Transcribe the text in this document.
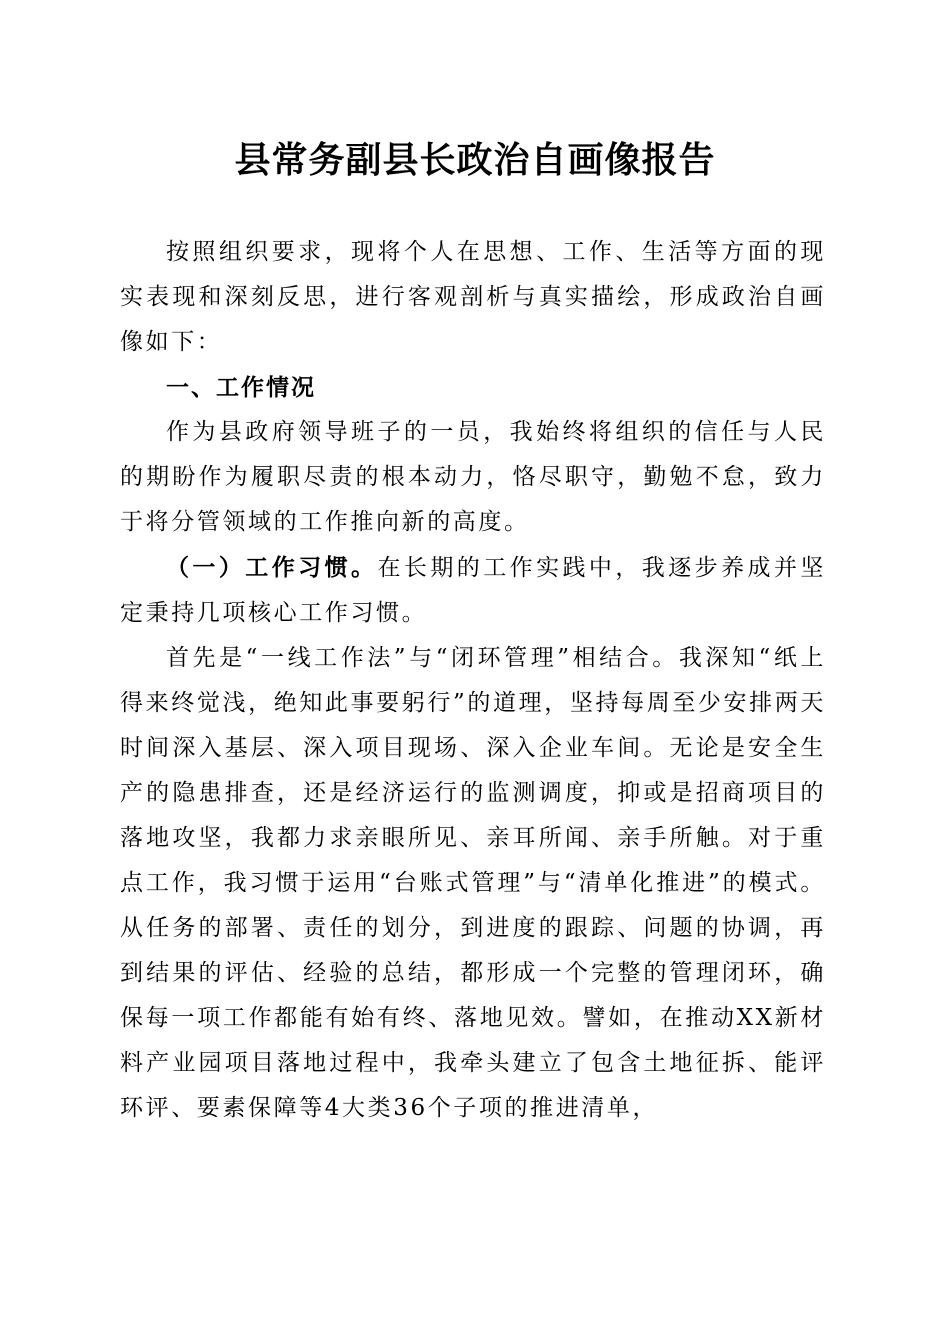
县常务副县长政治自画像报告

按照组织要求，现将个人在思想、工作、生活等方面的现实表现和深刻反思，进行客观剖析与真实描绘，形成政治自画像如下：

一、工作情况

作为县政府领导班子的一员，我始终将组织的信任与人民的期盼作为履职尽责的根本动力，恪尽职守，勤勉不怠，致力于将分管领域的工作推向新的高度。

（一）工作习惯。在长期的工作实践中，我逐步养成并坚定秉持几项核心工作习惯。

首先是“一线工作法”与“闭环管理”相结合。我深知“纸上得来终觉浅，绝知此事要躬行”的道理，坚持每周至少安排两天时间深入基层、深入项目现场、深入企业车间。无论是安全生产的隐患排查，还是经济运行的监测调度，抑或是招商项目的落地攻坚，我都力求亲眼所见、亲耳所闻、亲手所触。对于重点工作，我习惯于运用“台账式管理”与“清单化推进”的模式。从任务的部署、责任的划分，到进度的跟踪、问题的协调，再到结果的评估、经验的总结，都形成一个完整的管理闭环，确保每一项工作都能有始有终、落地见效。譬如，在推动XX新材料产业园项目落地过程中，我牵头建立了包含土地征拆、能评环评、要素保障等4大类36个子项的推进清单，
